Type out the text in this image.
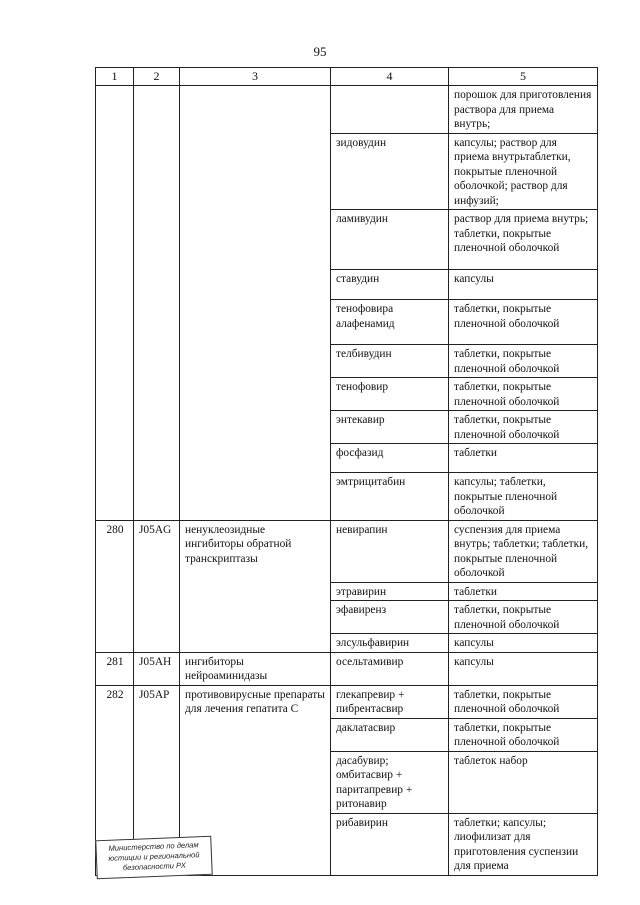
95
1	2	3	4	5
				порошок для приготовления раствора для приема внутрь;
			зидовудин	капсулы; раствор для приема внутрьтаблетки, покрытые пленочной оболочкой; раствор для инфузий;
			ламивудин	раствор для приема внутрь; таблетки, покрытые пленочной оболочкой
			ставудин	капсулы
			тенофовира алафенамид	таблетки, покрытые пленочной оболочкой
			телбивудин	таблетки, покрытые пленочной оболочкой
			тенофовир	таблетки, покрытые пленочной оболочкой
			энтекавир	таблетки, покрытые пленочной оболочкой
			фосфазид	таблетки
			эмтрицитабин	капсулы; таблетки, покрытые пленочной оболочкой
280	J05AG	ненуклеозидные ингибиторы обратной транскриптазы	невирапин	суспензия для приема внутрь; таблетки; таблетки, покрытые пленочной оболочкой
			этравирин	таблетки
			эфавиренз	таблетки, покрытые пленочной оболочкой
			элсульфавирин	капсулы
281	J05AH	ингибиторы нейроаминидазы	осельтамивир	капсулы
282	J05AP	противовирусные препараты для лечения гепатита C	глекапревир + пибрентасвир	таблетки, покрытые пленочной оболочкой
			даклатасвир	таблетки, покрытые пленочной оболочкой
			дасабувир; омбитасвир + паритапревир + ритонавир	таблеток набор
			рибавирин	таблетки; капсулы; лиофилизат для приготовления суспензии для приема
Министерство по делам
юстиции и региональной
безопасности РХ
